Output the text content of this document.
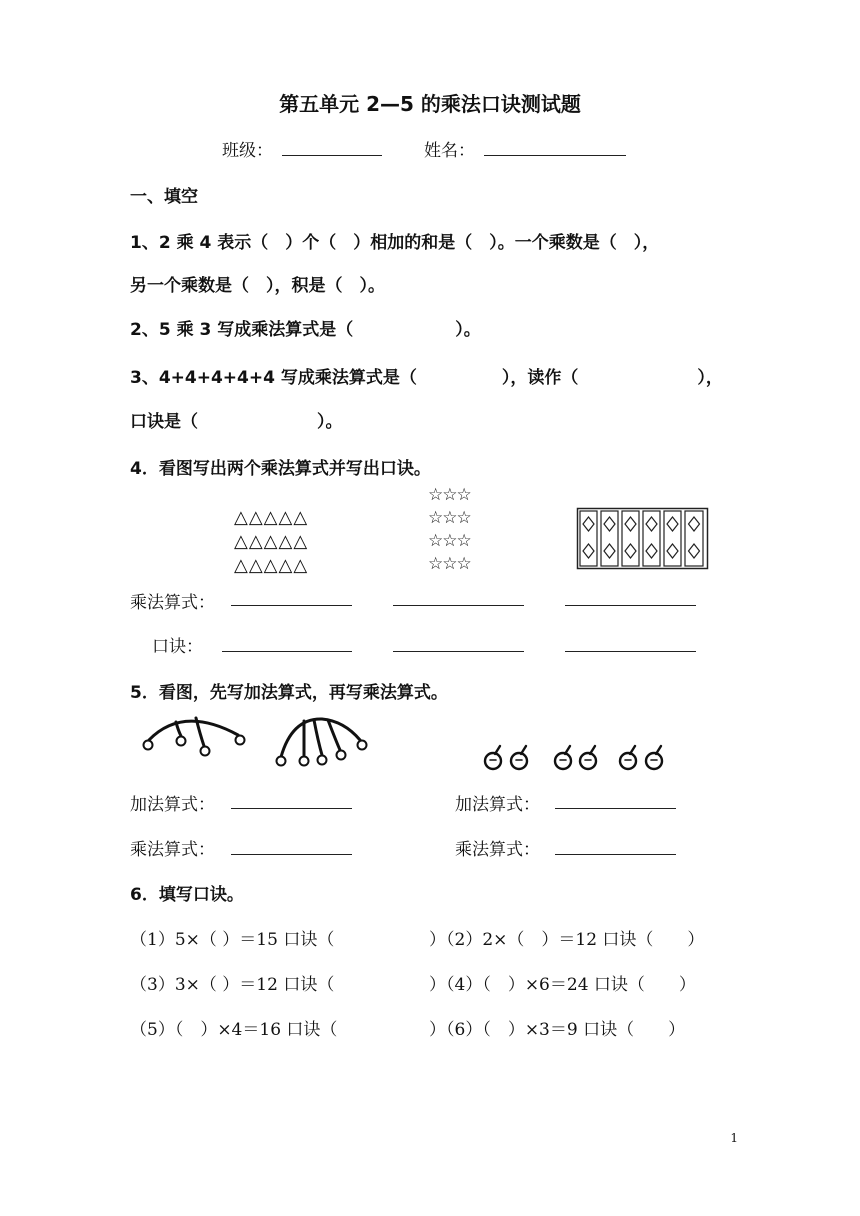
第五单元 2—5 的乘法口诀测试题
班级：	姓名：
一、填空
1、2 乘 4 表示（　）个（　）相加的和是（　）。一个乘数是（　），
另一个乘数是（　），积是（　）。
2、5 乘 3 写成乘法算式是（　　　　　　）。
3、4+4+4+4+4 写成乘法算式是（　　　　　），读作（　　　　　　　），
口诀是（　　　　　　　）。
4．看图写出两个乘法算式并写出口诀。
△△△△△
△△△△△
△△△△△
☆☆☆
☆☆☆
☆☆☆
☆☆☆
乘法算式：
口诀：
5．看图，先写加法算式，再写乘法算式。
加法算式：	加法算式：
乘法算式：	乘法算式：
6．填写口诀。
（1）5×（ ）＝15 口诀（	）（2）2×（　）＝12 口诀（　　）
（3）3×（ ）＝12 口诀（	）（4）（　）×6＝24 口诀（　　）
（5）（　）×4＝16 口诀（	）（6）（　）×3＝9 口诀（　　）
1
